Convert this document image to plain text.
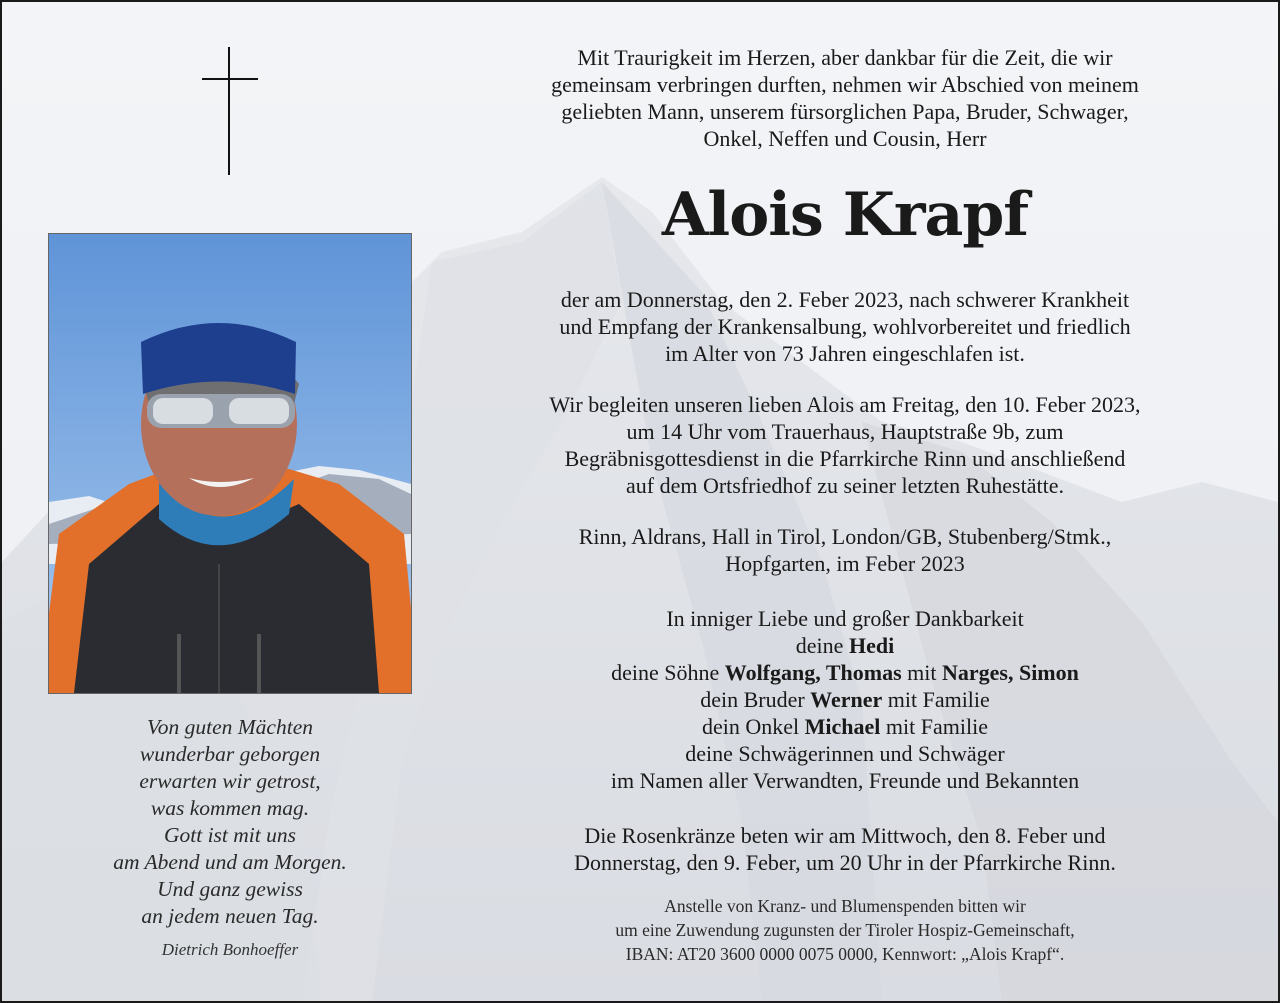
Von guten Mächten
wunderbar geborgen
erwarten wir getrost,
was kommen mag.
Gott ist mit uns
am Abend und am Morgen.
Und ganz gewiss
an jedem neuen Tag.
Dietrich Bonhoeffer

Mit Traurigkeit im Herzen, aber dankbar für die Zeit, die wir

gemeinsam verbringen durften, nehmen wir Abschied von meinem

geliebten Mann, unserem fürsorglichen Papa, Bruder, Schwager,

Onkel, Neffen und Cousin, Herr

Alois Krapf

der am Donnerstag, den 2. Feber 2023, nach schwerer Krankheit

und Empfang der Krankensalbung, wohlvorbereitet und friedlich

im Alter von 73 Jahren eingeschlafen ist.

Wir begleiten unseren lieben Alois am Freitag, den 10. Feber 2023,

um 14 Uhr vom Trauerhaus, Hauptstraße 9b, zum

Begräbnisgottesdienst in die Pfarrkirche Rinn und anschließend

auf dem Ortsfriedhof zu seiner letzten Ruhestätte.

Rinn, Aldrans, Hall in Tirol, London/GB, Stubenberg/Stmk.,

Hopfgarten, im Feber 2023

In inniger Liebe und großer Dankbarkeit

deine Hedi

deine Söhne Wolfgang, Thomas mit Narges, Simon

dein Bruder Werner mit Familie

dein Onkel Michael mit Familie

deine Schwägerinnen und Schwäger

im Namen aller Verwandten, Freunde und Bekannten

Die Rosenkränze beten wir am Mittwoch, den 8. Feber und

Donnerstag, den 9. Feber, um 20 Uhr in der Pfarrkirche Rinn.

Anstelle von Kranz- und Blumenspenden bitten wir

um eine Zuwendung zugunsten der Tiroler Hospiz-Gemeinschaft,

IBAN: AT20 3600 0000 0075 0000, Kennwort: „Alois Krapf“.
